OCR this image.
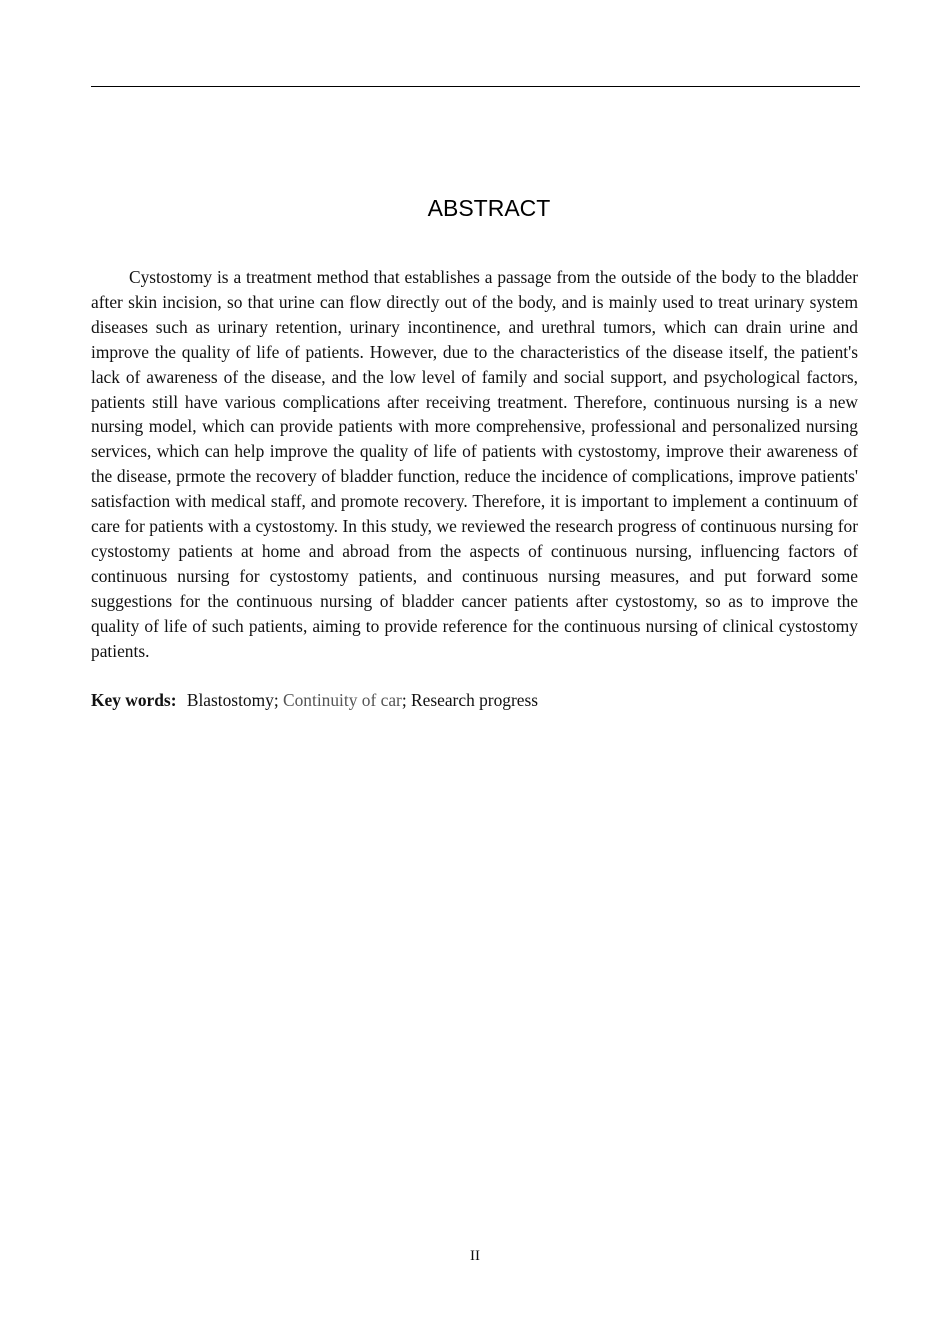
ABSTRACT

Cystostomy is a treatment method that establishes a passage from the outside of the body to the bladder after skin incision, so that urine can flow directly out of the body, and is mainly used to treat urinary system diseases such as urinary retention, urinary incontinence, and urethral tumors, which can drain urine and improve the quality of life of patients. However, due to the characteristics of the disease itself, the patient's lack of awareness of the disease, and the low level of family and social support, and psychological factors, patients still have various complications after receiving treatment. Therefore, continuous nursing is a new nursing model, which can provide patients with more comprehensive, professional and personalized nursing services, which can help improve the quality of life of patients with cystostomy, improve their awareness of the disease, prmote the recovery of bladder function, reduce the incidence of complications, improve patients' satisfaction with medical staff, and promote recovery. Therefore, it is important to implement a continuum of care for patients with a cystostomy. In this study, we reviewed the research progress of continuous nursing for cystostomy patients at home and abroad from the aspects of continuous nursing, influencing factors of continuous nursing for cystostomy patients, and continuous nursing measures, and put forward some suggestions for the continuous nursing of bladder cancer patients after cystostomy, so as to improve the quality of life of such patients, aiming to provide reference for the continuous nursing of clinical cystostomy patients.

Key words: Blastostomy; Continuity of car; Research progress

II
